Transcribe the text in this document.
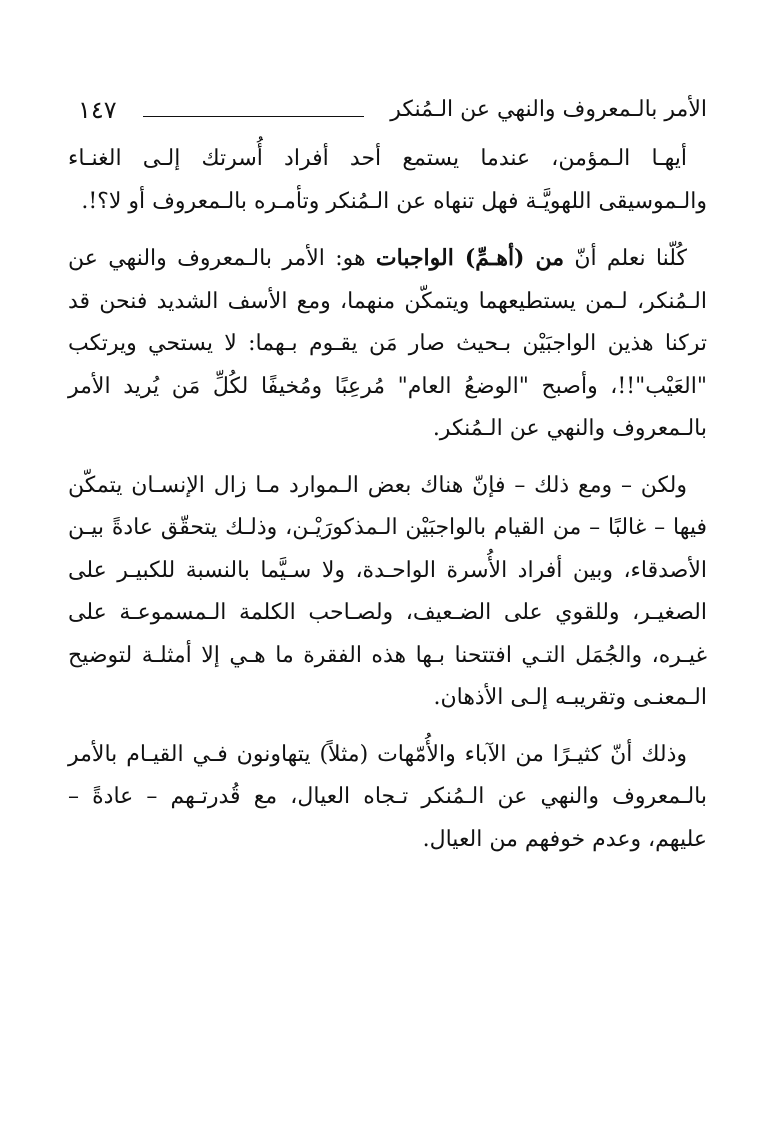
الأمر بالـمعروف والنهي عن الـمُنكر
١٤٧

أيهـا الـمؤمن، عندما يستمع أحد أفراد أُسرتك إلـى الغنـاء والـموسيقى اللهويَّـة فهل تنهاه عن الـمُنكر وتأمـره بالـمعروف أو لا؟!.

كُلّنا نعلم أنّ من (أهـمِّ) الواجبات هو: الأمر بالـمعروف والنهي عن الـمُنكر، لـمن يستطيعهما ويتمكّن منهما، ومع الأسف الشديد فنحن قد تركنا هذين الواجبَيْن بـحيث صار مَن يقـوم بـهما: لا يستحي ويرتكب "العَيْب"!!، وأصبح "الوضعُ العام" مُرعِبًا ومُخيفًا لكُلِّ مَن يُريد الأمر بالـمعروف والنهي عن الـمُنكر.

ولكن – ومع ذلك – فإنّ هناك بعض الـموارد مـا زال الإنسـان يتمكّن فيها – غالبًا – من القيام بالواجبَيْن الـمذكورَيْـن، وذلـك يتحقّق عادةً بيـن الأصدقاء، وبين أفراد الأُسرة الواحـدة، ولا سـيَّما بالنسبة للكبيـر على الصغيـر، وللقوي على الضـعيف، ولصـاحب الكلمة الـمسموعـة على غيـره، والجُمَل التـي افتتحنا بـها هذه الفقرة ما هـي إلا أمثلـة لتوضيح الـمعنـى وتقريبـه إلـى الأذهان.

وذلك أنّ كثيـرًا من الآباء والأُمّهات (مثلاً) يتهاونون فـي القيـام بالأمر بالـمعروف والنهي عن الـمُنكر تـجاه العيال، مع قُدرتـهم – عادةً – عليهم، وعدم خوفهم من العيال.
